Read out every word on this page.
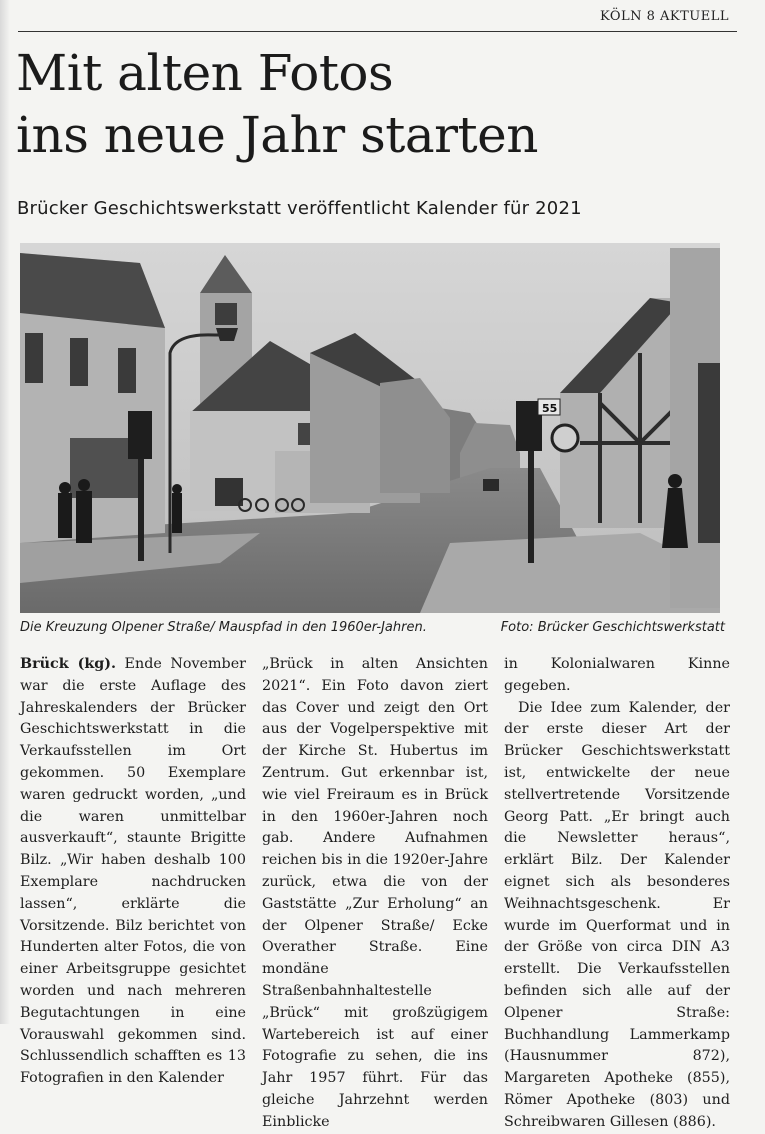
KÖLN 8 AKTUELL
Mit alten Fotos
ins neue Jahr starten
Brücker Geschichtswerkstatt veröffentlicht Kalender für 2021
55
Die Kreuzung Olpener Straße/ Mauspfad in den 1960er-Jahren.	Foto: Brücker Geschichtswerkstatt

Brück (kg). Ende November war die erste Auflage des Jahreskalenders der Brücker Geschichtswerkstatt in die Verkaufsstellen im Ort gekommen. 50 Exemplare waren gedruckt worden, „und die waren unmittelbar ausverkauft“, staunte Brigitte Bilz. „Wir haben deshalb 100 Exemplare nachdrucken lassen“, erklärte die Vorsitzende. Bilz berichtet von Hunderten alter Fotos, die von einer Arbeitsgruppe gesichtet worden und nach mehreren Begutachtungen in eine Vorauswahl gekommen sind. Schlussendlich schafften es 13 Fotografien in den Kalender

„Brück in alten Ansichten 2021“. Ein Foto davon ziert das Cover und zeigt den Ort aus der Vogelperspektive mit der Kirche St. Hubertus im Zentrum. Gut erkennbar ist, wie viel Freiraum es in Brück in den 1960er-Jahren noch gab. Andere Aufnahmen reichen bis in die 1920er-Jahre zurück, etwa die von der Gaststätte „Zur Erholung“ an der Olpener Straße/ Ecke Overather Straße. Eine mondäne Straßenbahnhaltestelle „Brück“ mit großzügigem Wartebereich ist auf einer Fotografie zu sehen, die ins Jahr 1957 führt. Für das gleiche Jahrzehnt werden Einblicke

in Kolonialwaren Kinne gegeben.

Die Idee zum Kalender, der der erste dieser Art der Brücker Geschichtswerkstatt ist, entwickelte der neue stellvertretende Vorsitzende Georg Patt. „Er bringt auch die Newsletter heraus“, erklärt Bilz. Der Kalender eignet sich als besonderes Weihnachtsgeschenk. Er wurde im Querformat und in der Größe von circa DIN A3 erstellt. Die Verkaufsstellen befinden sich alle auf der Olpener Straße: Buchhandlung Lammerkamp (Hausnummer 872), Margareten Apotheke (855), Römer Apotheke (803) und Schreibwaren Gillesen (886).
